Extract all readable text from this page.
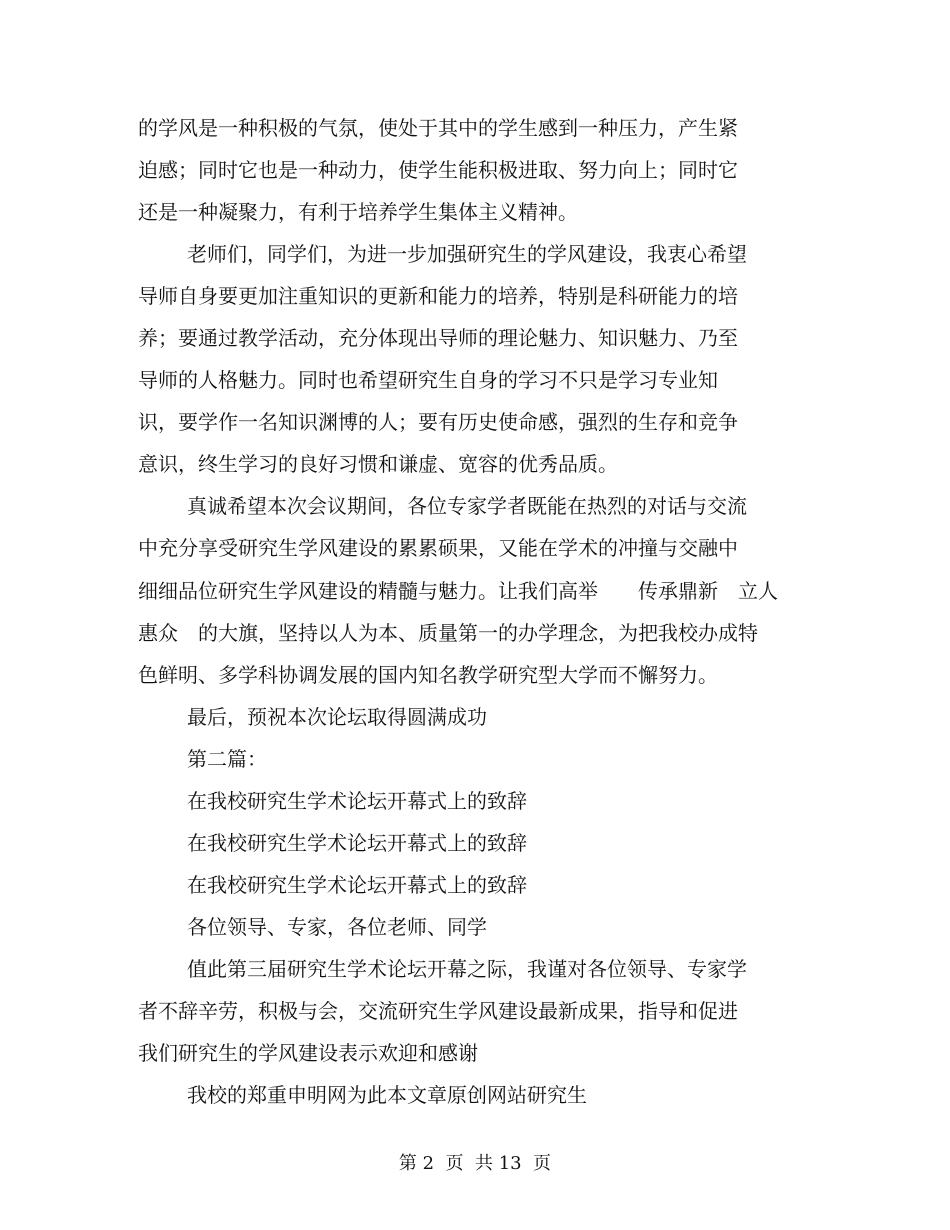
的学风是一种积极的气氛，使处于其中的学生感到一种压力，产生紧
迫感；同时它也是一种动力，使学生能积极进取、努力向上；同时它
还是一种凝聚力，有利于培养学生集体主义精神。
老师们，同学们，为进一步加强研究生的学风建设，我衷心希望
导师自身要更加注重知识的更新和能力的培养，特别是科研能力的培
养；要通过教学活动，充分体现出导师的理论魅力、知识魅力、乃至
导师的人格魅力。同时也希望研究生自身的学习不只是学习专业知
识，要学作一名知识渊博的人；要有历史使命感，强烈的生存和竞争
意识，终生学习的良好习惯和谦虚、宽容的优秀品质。
真诚希望本次会议期间，各位专家学者既能在热烈的对话与交流
中充分享受研究生学风建设的累累硕果，又能在学术的冲撞与交融中
细细品位研究生学风建设的精髓与魅力。让我们高举　　传承鼎新　立人
惠众　的大旗，坚持以人为本、质量第一的办学理念，为把我校办成特
色鲜明、多学科协调发展的国内知名教学研究型大学而不懈努力。
最后，预祝本次论坛取得圆满成功
第二篇：
在我校研究生学术论坛开幕式上的致辞
在我校研究生学术论坛开幕式上的致辞
在我校研究生学术论坛开幕式上的致辞
各位领导、专家，各位老师、同学
值此第三届研究生学术论坛开幕之际，我谨对各位领导、专家学
者不辞辛劳，积极与会，交流研究生学风建设最新成果，指导和促进
我们研究生的学风建设表示欢迎和感谢
我校的郑重申明网为此本文章原创网站研究生
第 2  页  共 13  页
